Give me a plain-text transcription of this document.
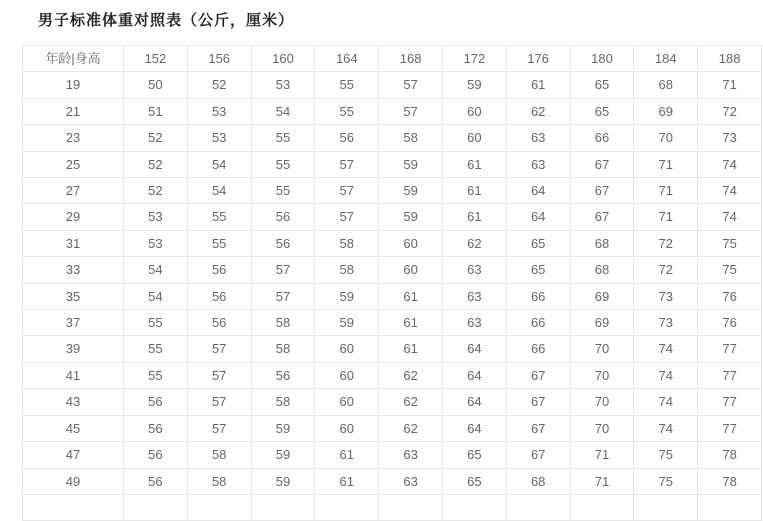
男子标准体重对照表（公斤，厘米）
年龄|身高	152	156	160	164	168	172	176	180	184	188
19	50	52	53	55	57	59	61	65	68	71
21	51	53	54	55	57	60	62	65	69	72
23	52	53	55	56	58	60	63	66	70	73
25	52	54	55	57	59	61	63	67	71	74
27	52	54	55	57	59	61	64	67	71	74
29	53	55	56	57	59	61	64	67	71	74
31	53	55	56	58	60	62	65	68	72	75
33	54	56	57	58	60	63	65	68	72	75
35	54	56	57	59	61	63	66	69	73	76
37	55	56	58	59	61	63	66	69	73	76
39	55	57	58	60	61	64	66	70	74	77
41	55	57	56	60	62	64	67	70	74	77
43	56	57	58	60	62	64	67	70	74	77
45	56	57	59	60	62	64	67	70	74	77
47	56	58	59	61	63	65	67	71	75	78
49	56	58	59	61	63	65	68	71	75	78
